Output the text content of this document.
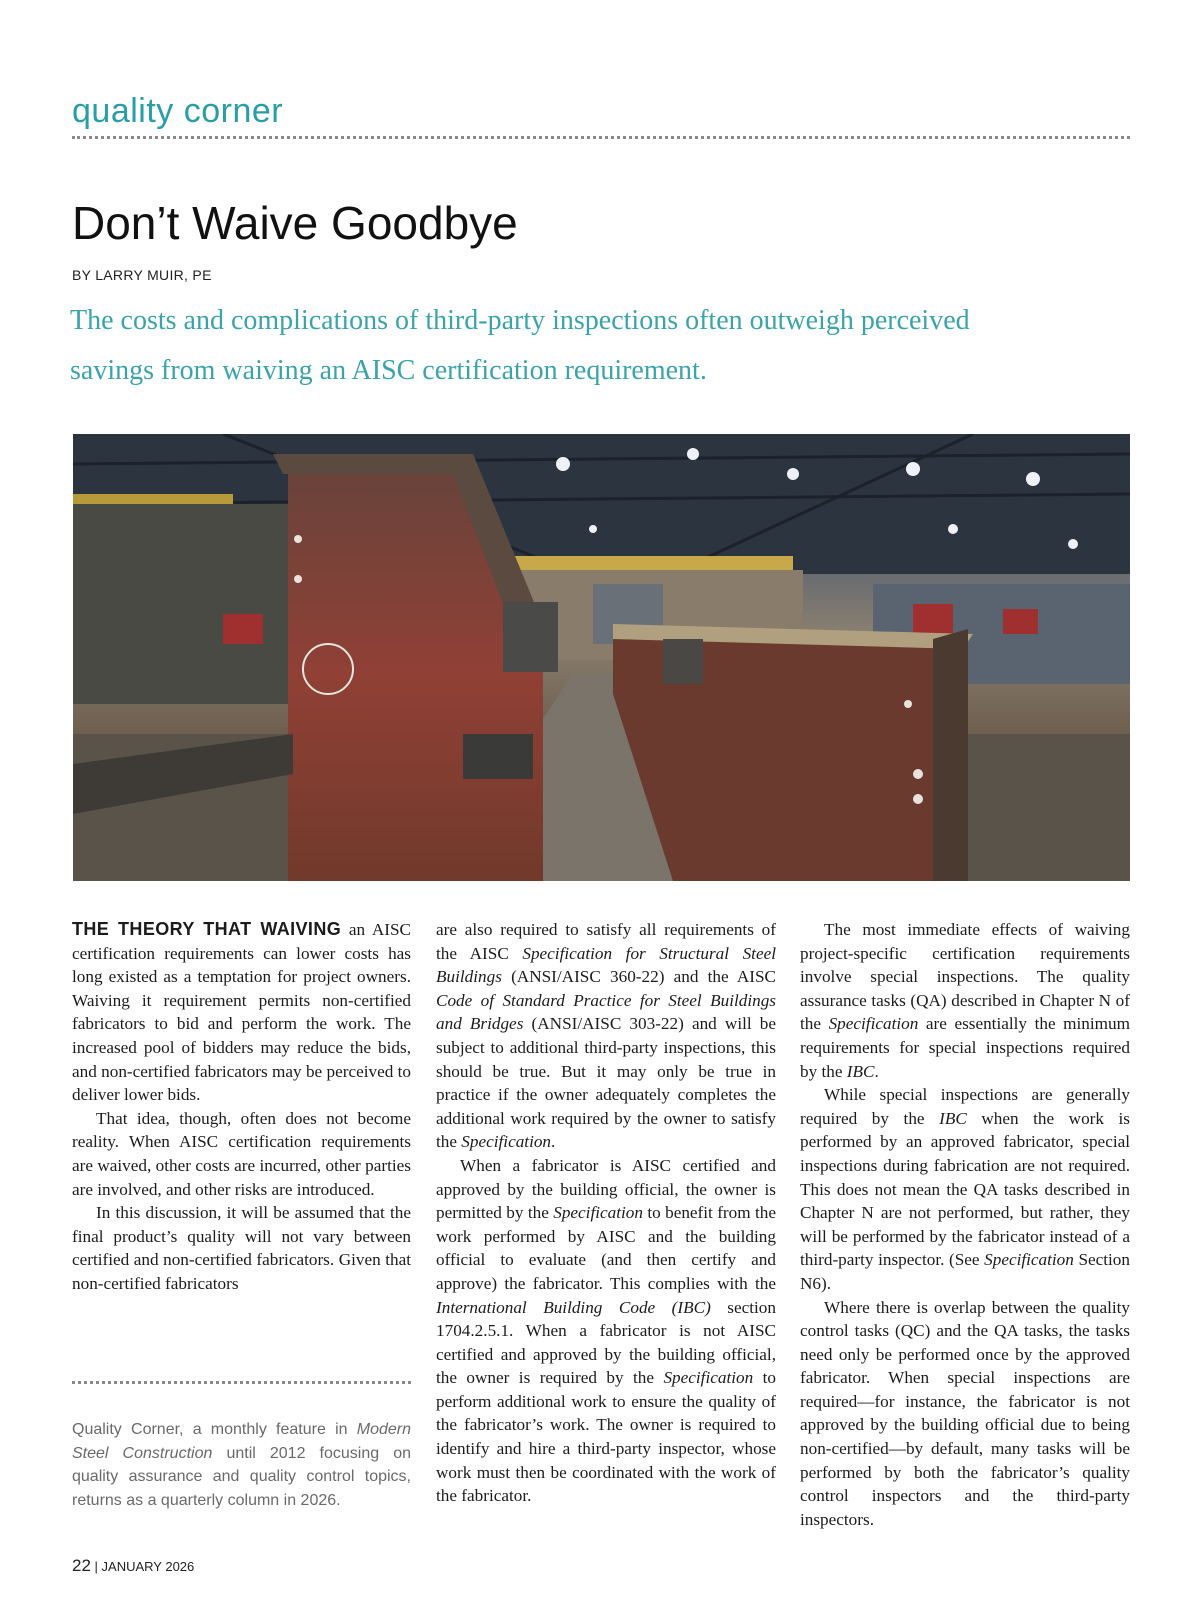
quality corner
Don’t Waive Goodbye
BY LARRY MUIR, PE
The costs and complications of third-party inspections often outweigh perceived savings from waiving an AISC certification requirement.

THE THEORY THAT WAIVING an AISC certification requirements can lower costs has long existed as a temptation for project owners. Waiving it requirement permits non-certified fabricators to bid and perform the work. The increased pool of bidders may reduce the bids, and non-certified fabricators may be perceived to deliver lower bids.

That idea, though, often does not become reality. When AISC certification requirements are waived, other costs are incurred, other parties are involved, and other risks are introduced.

In this discussion, it will be assumed that the final product’s quality will not vary between certified and non-certified fabricators. Given that non-certified fabricators

Quality Corner, a monthly feature in Modern Steel Construction until 2012 focusing on quality assurance and quality control topics, returns as a quarterly column in 2026.

are also required to satisfy all requirements of the AISC Specification for Structural Steel Buildings (ANSI/AISC 360-22) and the AISC Code of Standard Practice for Steel Buildings and Bridges (ANSI/AISC 303-22) and will be subject to additional third-party inspections, this should be true. But it may only be true in practice if the owner adequately completes the additional work required by the owner to satisfy the Specification.

When a fabricator is AISC certified and approved by the building official, the owner is permitted by the Specification to benefit from the work performed by AISC and the building official to evaluate (and then certify and approve) the fabricator. This complies with the International Building Code (IBC) section 1704.2.5.1. When a fabricator is not AISC certified and approved by the building official, the owner is required by the Specification to perform additional work to ensure the quality of the fabricator’s work. The owner is required to identify and hire a third-party inspector, whose work must then be coordinated with the work of the fabricator.

The most immediate effects of waiving project-specific certification requirements involve special inspections. The quality assurance tasks (QA) described in Chapter N of the Specification are essentially the minimum requirements for special inspections required by the IBC.

While special inspections are generally required by the IBC when the work is performed by an approved fabricator, special inspections during fabrication are not required. This does not mean the QA tasks described in Chapter N are not performed, but rather, they will be performed by the fabricator instead of a third-party inspector. (See Specification Section N6).

Where there is overlap between the quality control tasks (QC) and the QA tasks, the tasks need only be performed once by the approved fabricator. When special inspections are required—for instance, the fabricator is not approved by the building official due to being non-certified—by default, many tasks will be performed by both the fabricator’s quality control inspectors and the third-party inspectors.

22 | JANUARY 2026
